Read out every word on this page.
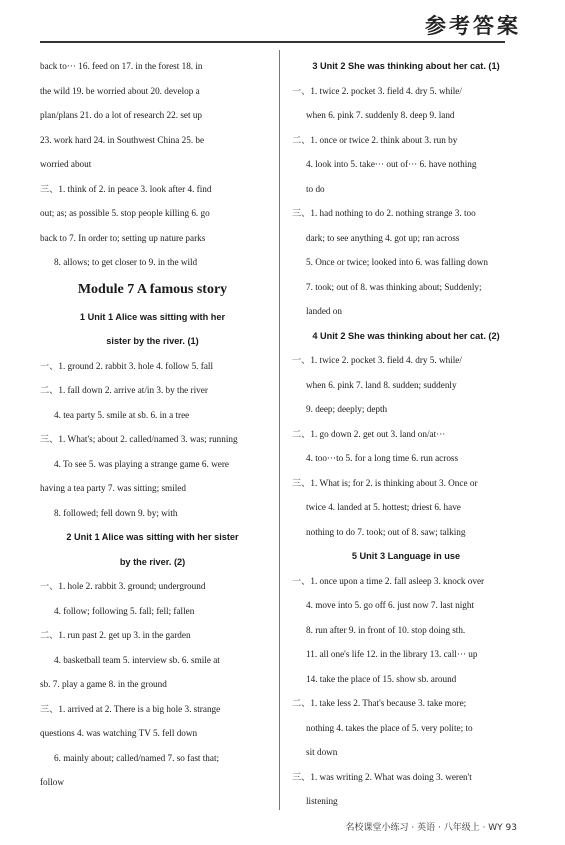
参考答案
back to··· 16. feed on 17. in the forest 18. in
the wild 19. be worried about 20. develop a
plan/plans 21. do a lot of research 22. set up
23. work hard 24. in Southwest China 25. be
worried about
三、1. think of 2. in peace 3. look after 4. find
out; as; as possible 5. stop people killing 6. go
back to 7. In order to; setting up nature parks
8. allows; to get closer to 9. in the wild
Module 7 A famous story
1 Unit 1 Alice was sitting with her
sister by the river. (1)
一、1. ground 2. rabbit 3. hole 4. follow 5. fall
二、1. fall down 2. arrive at/in 3. by the river
4. tea party 5. smile at sb. 6. in a tree
三、1. What's; about 2. called/named 3. was; running
4. To see 5. was playing a strange game 6. were
having a tea party 7. was sitting; smiled
8. followed; fell down 9. by; with
2 Unit 1 Alice was sitting with her sister
by the river. (2)
一、1. hole 2. rabbit 3. ground; underground
4. follow; following 5. fall; fell; fallen
二、1. run past 2. get up 3. in the garden
4. basketball team 5. interview sb. 6. smile at
sb. 7. play a game 8. in the ground
三、1. arrived at 2. There is a big hole 3. strange
questions 4. was watching TV 5. fell down
6. mainly about; called/named 7. so fast that;
follow
3 Unit 2 She was thinking about her cat. (1)
一、1. twice 2. pocket 3. field 4. dry 5. while/
when 6. pink 7. suddenly 8. deep 9. land
二、1. once or twice 2. think about 3. run by
4. look into 5. take··· out of··· 6. have nothing
to do
三、1. had nothing to do 2. nothing strange 3. too
dark; to see anything 4. got up; ran across
5. Once or twice; looked into 6. was falling down
7. took; out of 8. was thinking about; Suddenly;
landed on
4 Unit 2 She was thinking about her cat. (2)
一、1. twice 2. pocket 3. field 4. dry 5. while/
when 6. pink 7. land 8. sudden; suddenly
9. deep; deeply; depth
二、1. go down 2. get out 3. land on/at···
4. too···to 5. for a long time 6. run across
三、1. What is; for 2. is thinking about 3. Once or
twice 4. landed at 5. hottest; driest 6. have
nothing to do 7. took; out of 8. saw; talking
5 Unit 3 Language in use
一、1. once upon a time 2. fall asleep 3. knock over
4. move into 5. go off 6. just now 7. last night
8. run after 9. in front of 10. stop doing sth.
11. all one's life 12. in the library 13. call··· up
14. take the place of 15. show sb. around
二、1. take less 2. That's because 3. take more;
nothing 4. takes the place of 5. very polite; to
sit down
三、1. was writing 2. What was doing 3. weren't
listening
名校课堂小练习 · 英语 · 八年级上 · WY 93
